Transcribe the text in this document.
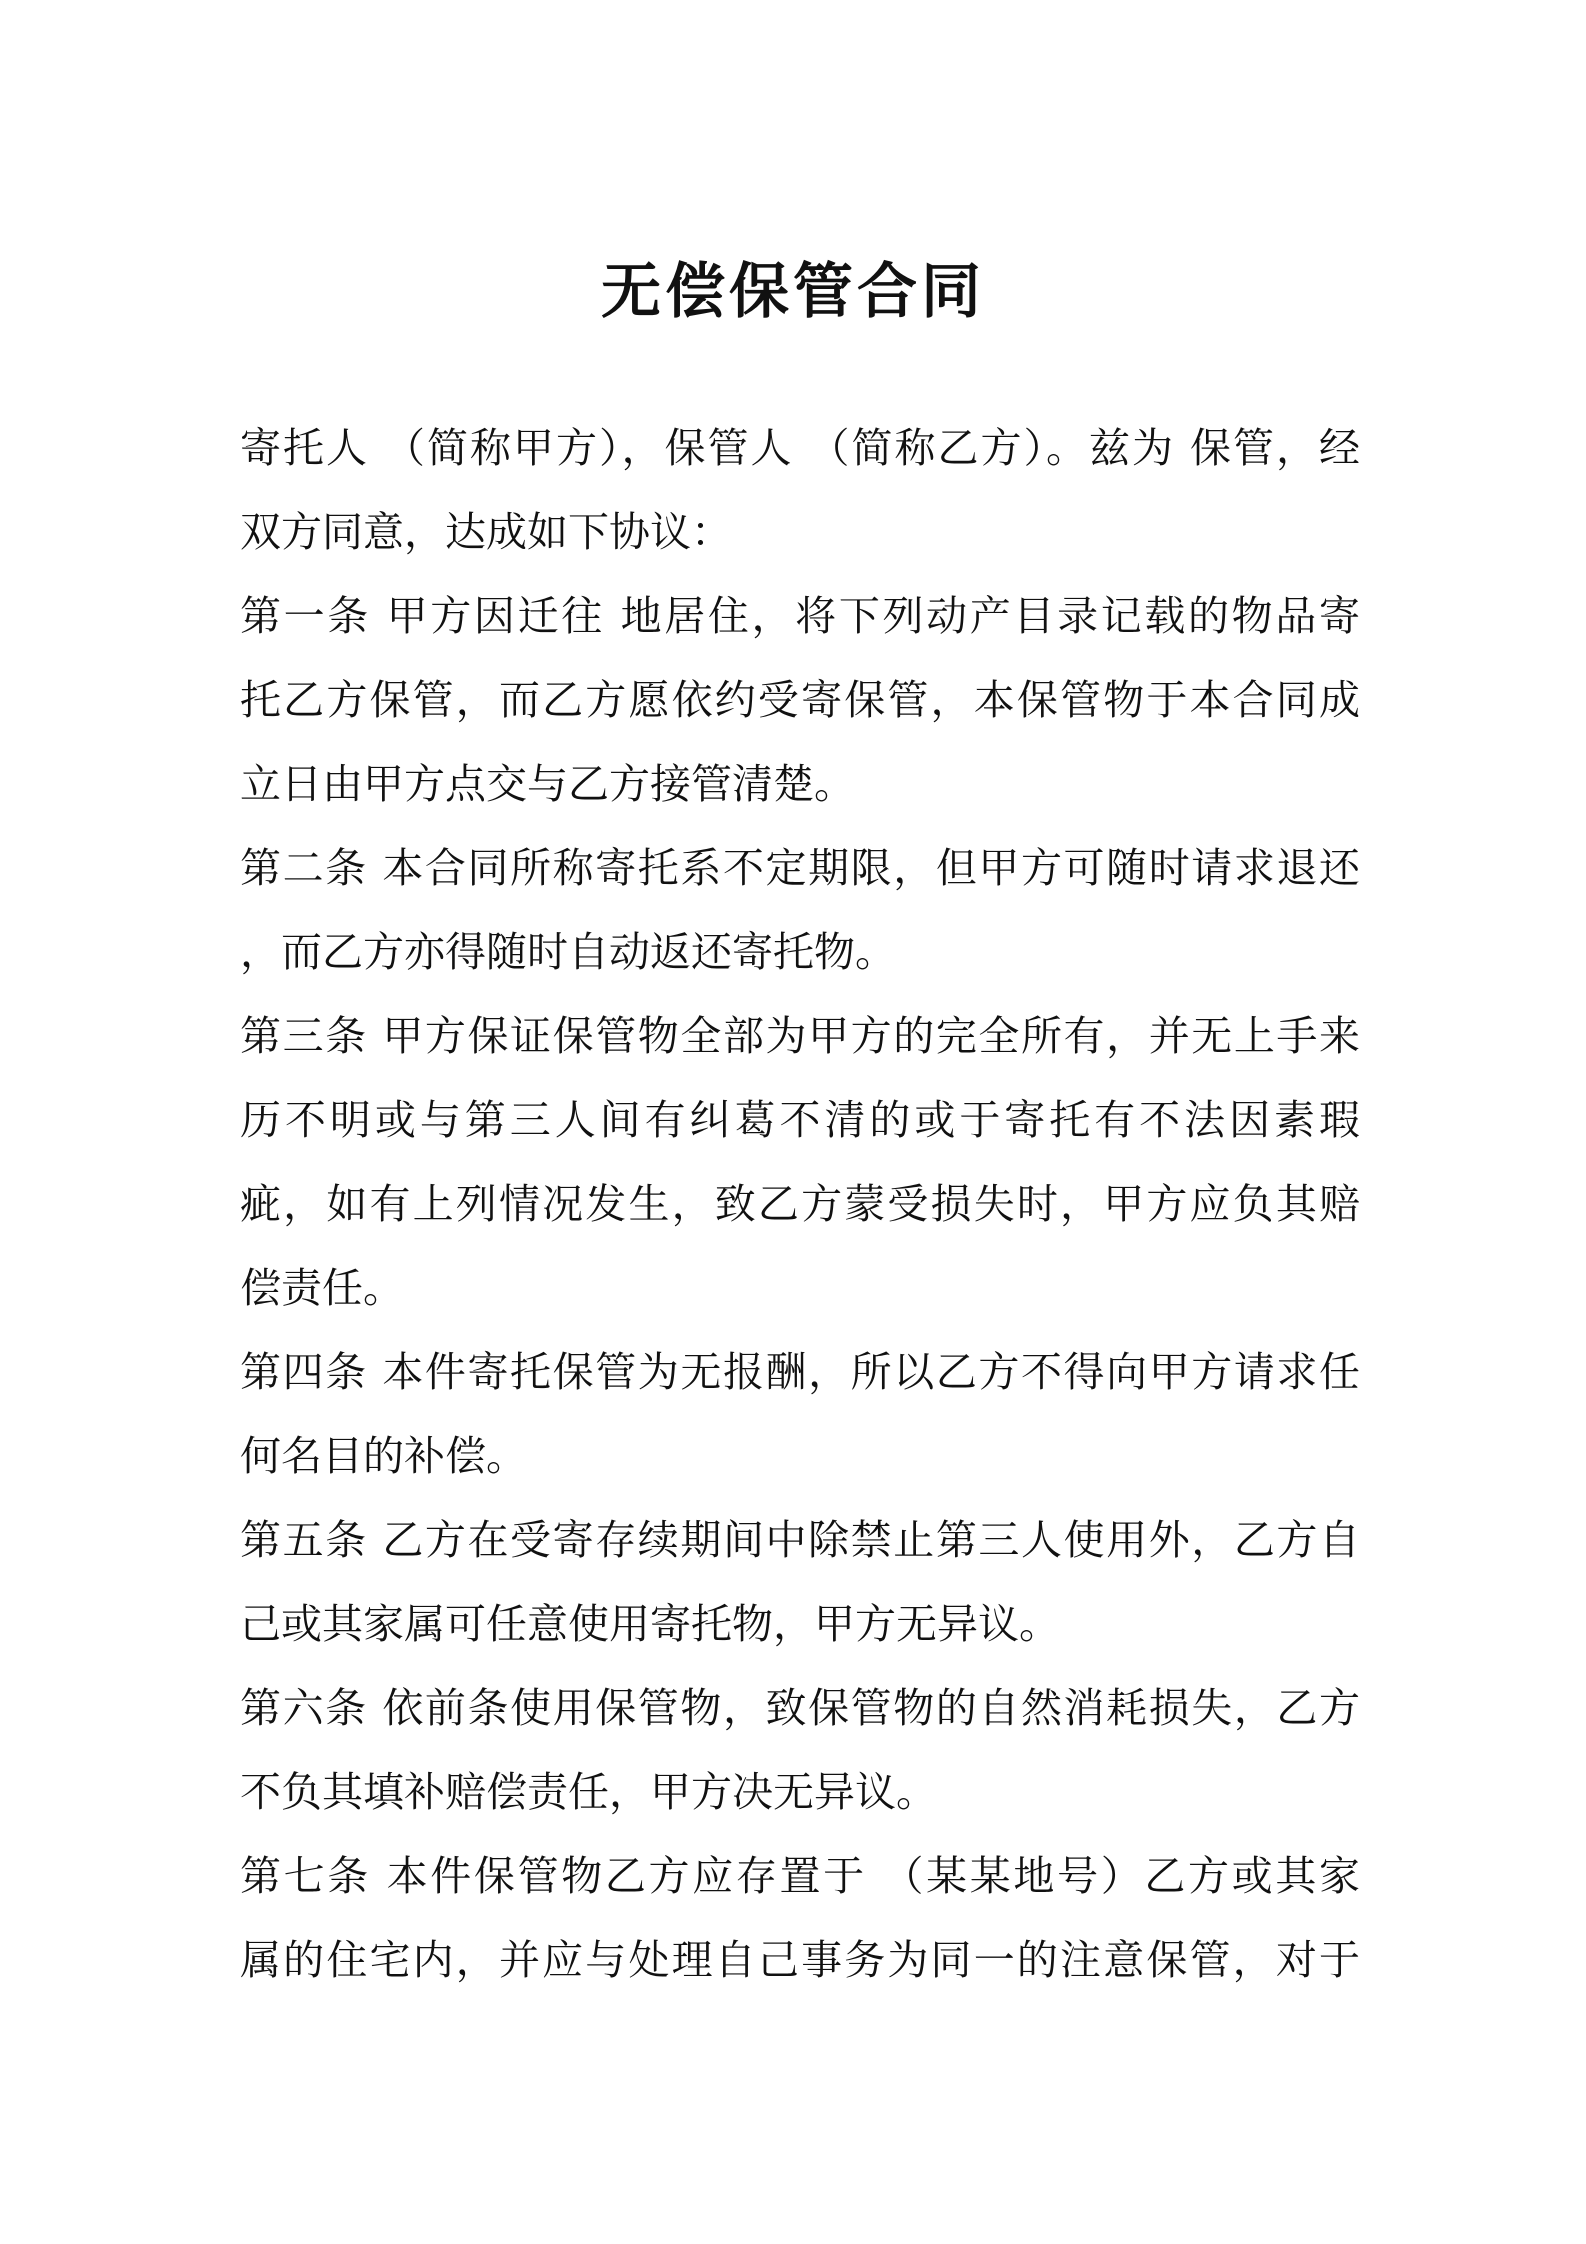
无偿保管合同
寄托人 （简称甲方），保管人 （简称乙方）。兹为 保管，经
双方同意，达成如下协议：
第一条 甲方因迁往 地居住，将下列动产目录记载的物品寄
托乙方保管，而乙方愿依约受寄保管，本保管物于本合同成
立日由甲方点交与乙方接管清楚。
第二条 本合同所称寄托系不定期限，但甲方可随时请求退还
，而乙方亦得随时自动返还寄托物。
第三条 甲方保证保管物全部为甲方的完全所有，并无上手来
历不明或与第三人间有纠葛不清的或于寄托有不法因素瑕
疵，如有上列情况发生，致乙方蒙受损失时，甲方应负其赔
偿责任。
第四条 本件寄托保管为无报酬，所以乙方不得向甲方请求任
何名目的补偿。
第五条 乙方在受寄存续期间中除禁止第三人使用外，乙方自
己或其家属可任意使用寄托物，甲方无异议。
第六条 依前条使用保管物，致保管物的自然消耗损失，乙方
不负其填补赔偿责任，甲方决无异议。
第七条 本件保管物乙方应存置于 （某某地号）乙方或其家
属的住宅内，并应与处理自己事务为同一的注意保管，对于
